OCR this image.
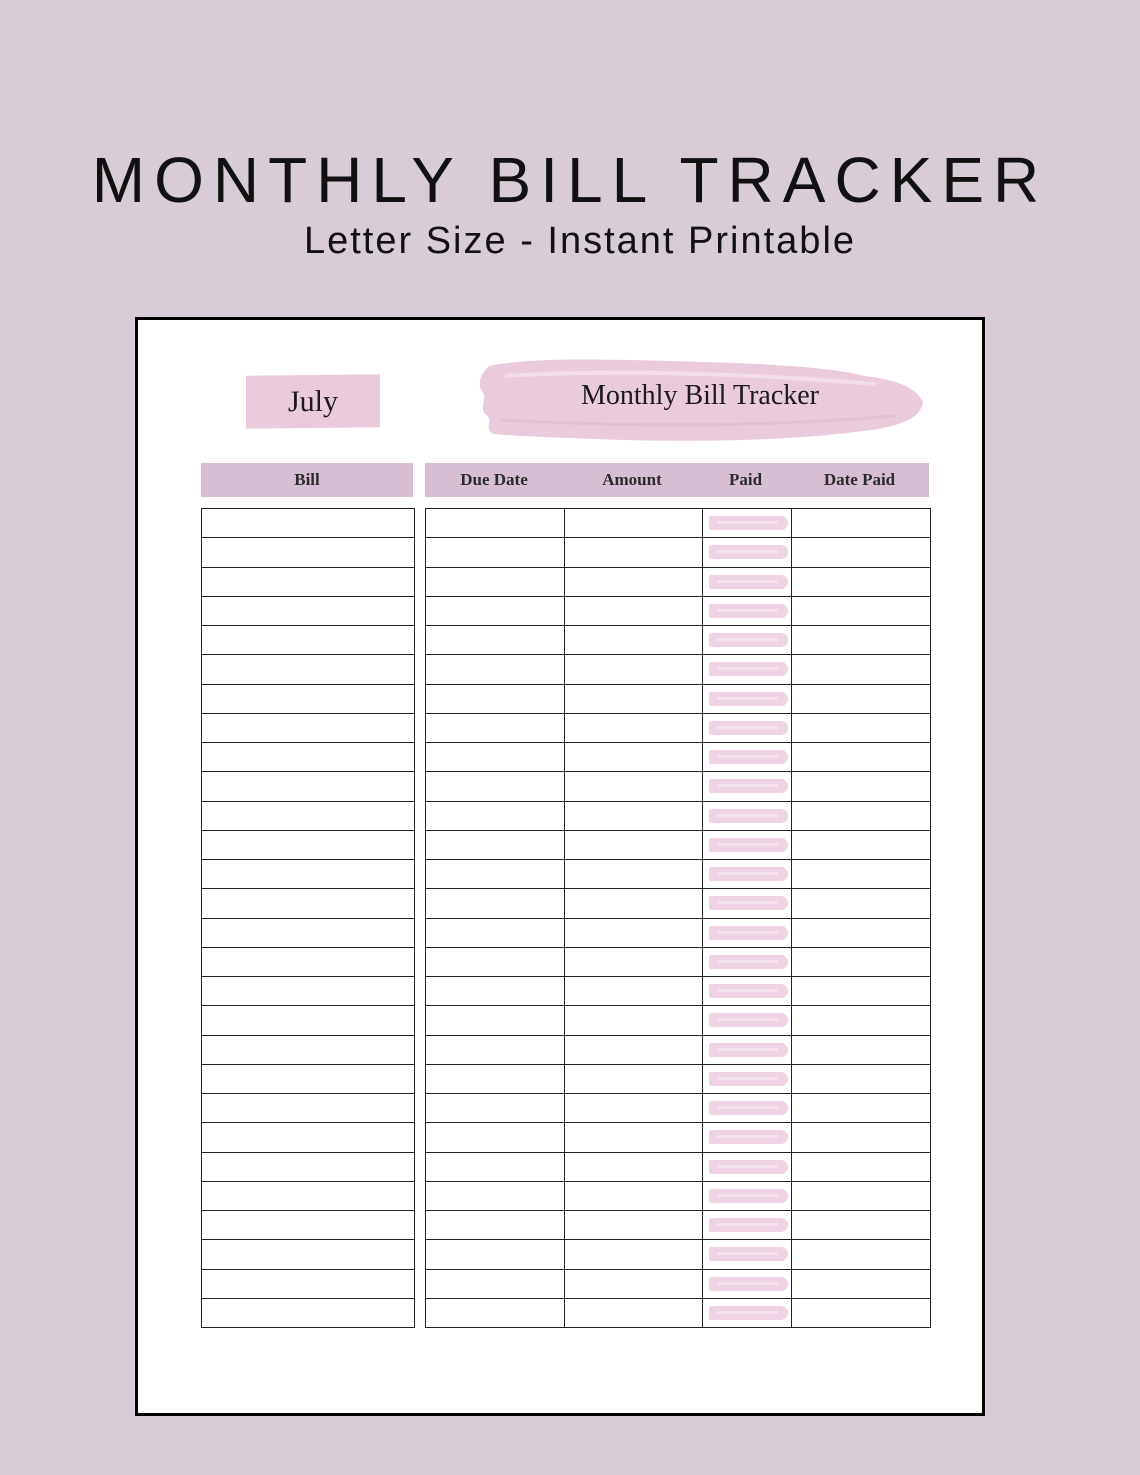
MONTHLY BILL TRACKER
Letter Size - Instant Printable
July	Monthly Bill Tracker
Bill	Due Date	Amount	Paid	Date Paid
